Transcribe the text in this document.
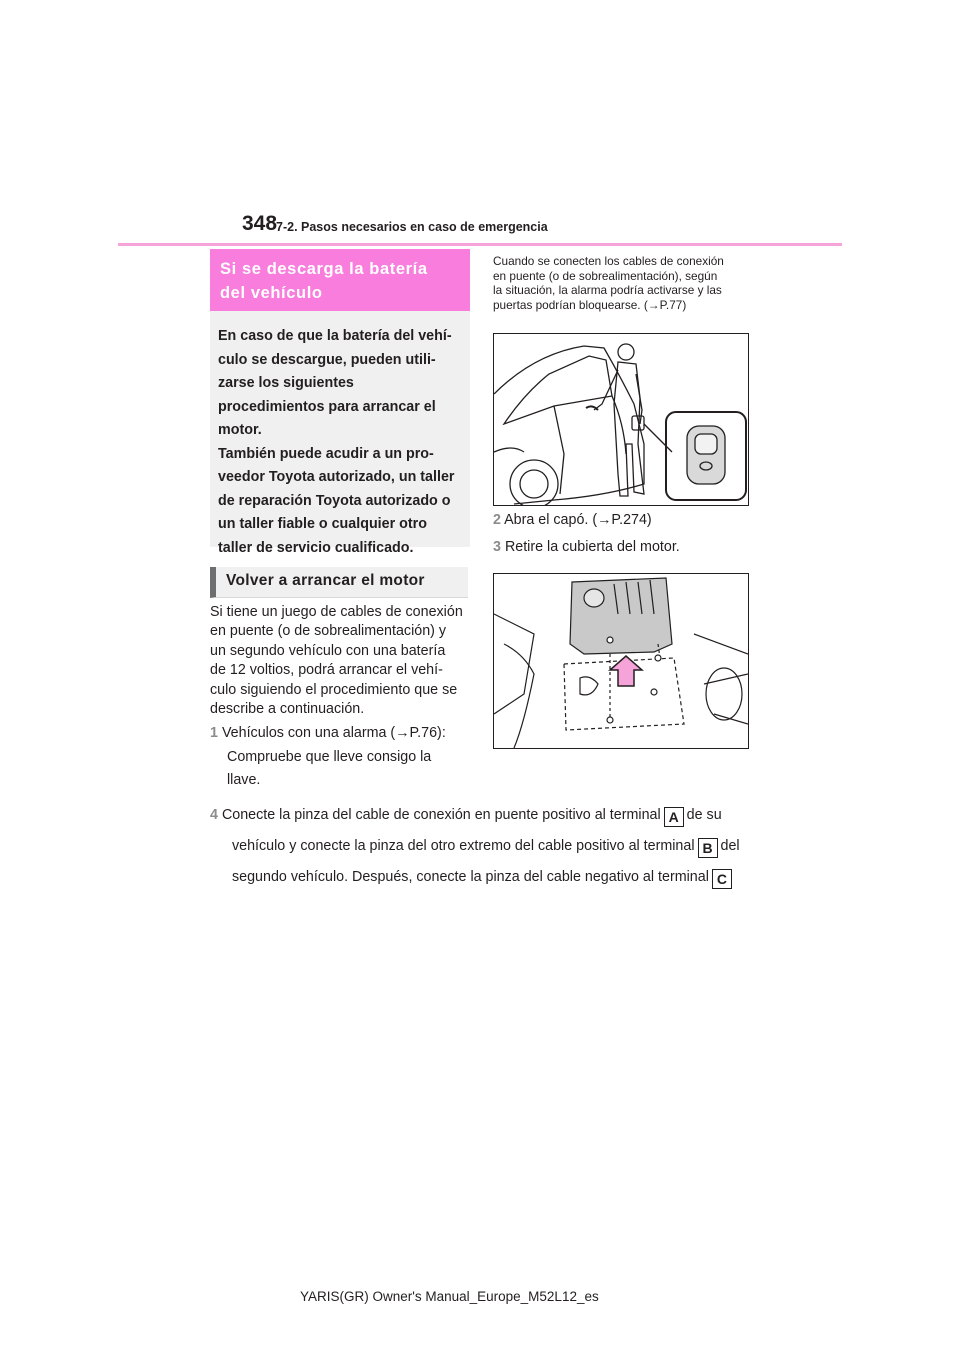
348
7-2. Pasos necesarios en caso de emergencia
Si se descarga la batería
del vehículo

En caso de que la batería del vehí-

culo se descargue, pueden utili-

zarse los siguientes

procedimientos para arrancar el

motor.

También puede acudir a un pro-

veedor Toyota autorizado, un taller

de reparación Toyota autorizado o

un taller fiable o cualquier otro

taller de servicio cualificado.

Volver a arrancar el motor
Si tiene un juego de cables de conexión
en puente (o de sobrealimentación) y
un segundo vehículo con una batería
de 12 voltios, podrá arrancar el vehí-
culo siguiendo el procedimiento que se
describe a continuación.
1 Vehículos con una alarma (→P.76):
Compruebe que lleve consigo la
llave.
Cuando se conecten los cables de conexión
en puente (o de sobrealimentación), según
la situación, la alarma podría activarse y las
puertas podrían bloquearse. (→P.77)
2 Abra el capó. (→P.274)
3 Retire la cubierta del motor.
4 Conecte la pinza del cable de conexión en puente positivo al terminal A de su
vehículo y conecte la pinza del otro extremo del cable positivo al terminal B del
segundo vehículo. Después, conecte la pinza del cable negativo al terminal C
YARIS(GR) Owner's Manual_Europe_M52L12_es
